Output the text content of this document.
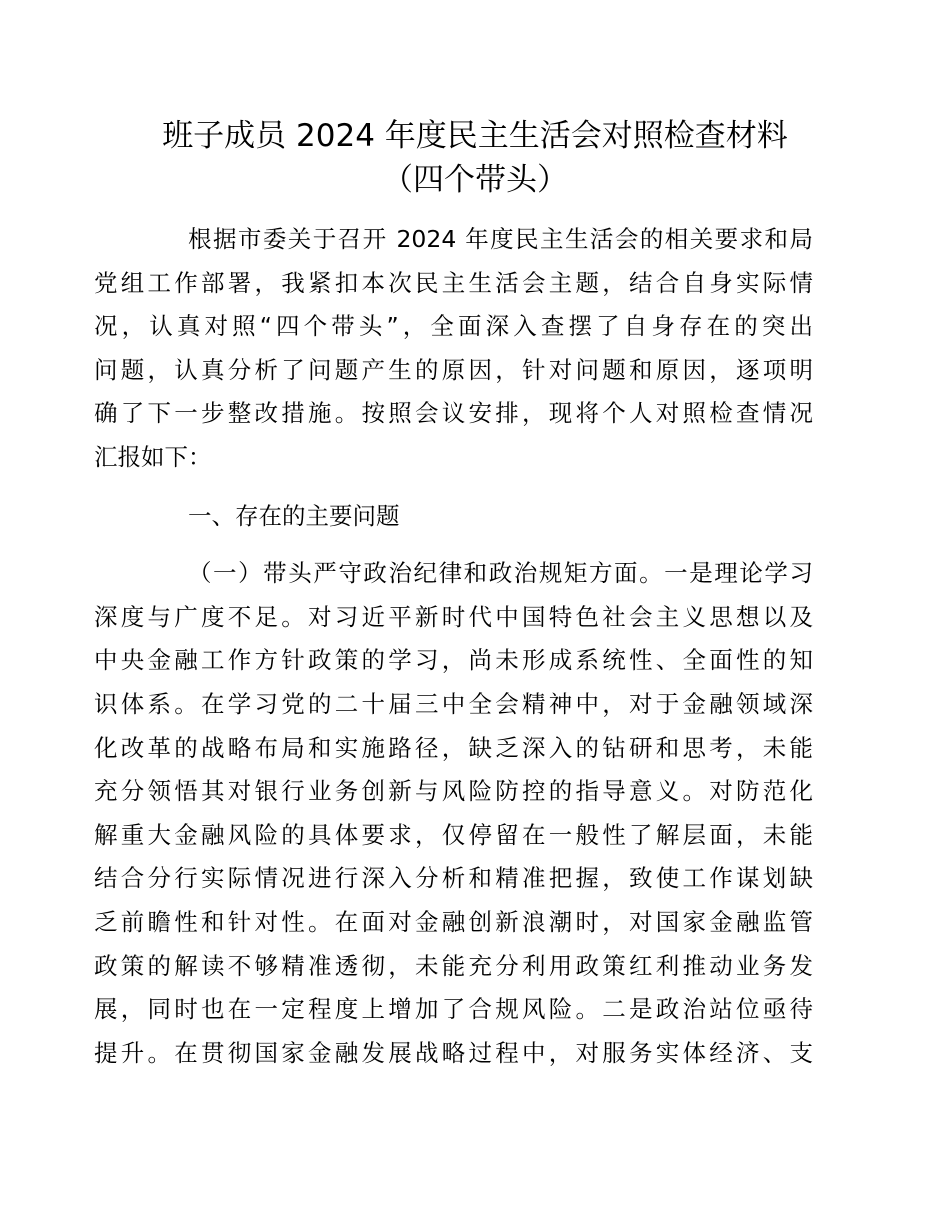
班子成员 2024 年度民主生活会对照检查材料
（四个带头）

根据市委关于召开 2024 年度民主生活会的相关要求和局
党组工作部署，我紧扣本次民主生活会主题，结合自身实际情
况，认真对照“四个带头”，全面深入查摆了自身存在的突出
问题，认真分析了问题产生的原因，针对问题和原因，逐项明
确了下一步整改措施。按照会议安排，现将个人对照检查情况
汇报如下：

一、存在的主要问题

（一）带头严守政治纪律和政治规矩方面。一是理论学习
深度与广度不足。对习近平新时代中国特色社会主义思想以及
中央金融工作方针政策的学习，尚未形成系统性、全面性的知
识体系。在学习党的二十届三中全会精神中，对于金融领域深
化改革的战略布局和实施路径，缺乏深入的钻研和思考，未能
充分领悟其对银行业务创新与风险防控的指导意义。对防范化
解重大金融风险的具体要求，仅停留在一般性了解层面，未能
结合分行实际情况进行深入分析和精准把握，致使工作谋划缺
乏前瞻性和针对性。在面对金融创新浪潮时，对国家金融监管
政策的解读不够精准透彻，未能充分利用政策红利推动业务发
展，同时也在一定程度上增加了合规风险。二是政治站位亟待
提升。在贯彻国家金融发展战略过程中，对服务实体经济、支
